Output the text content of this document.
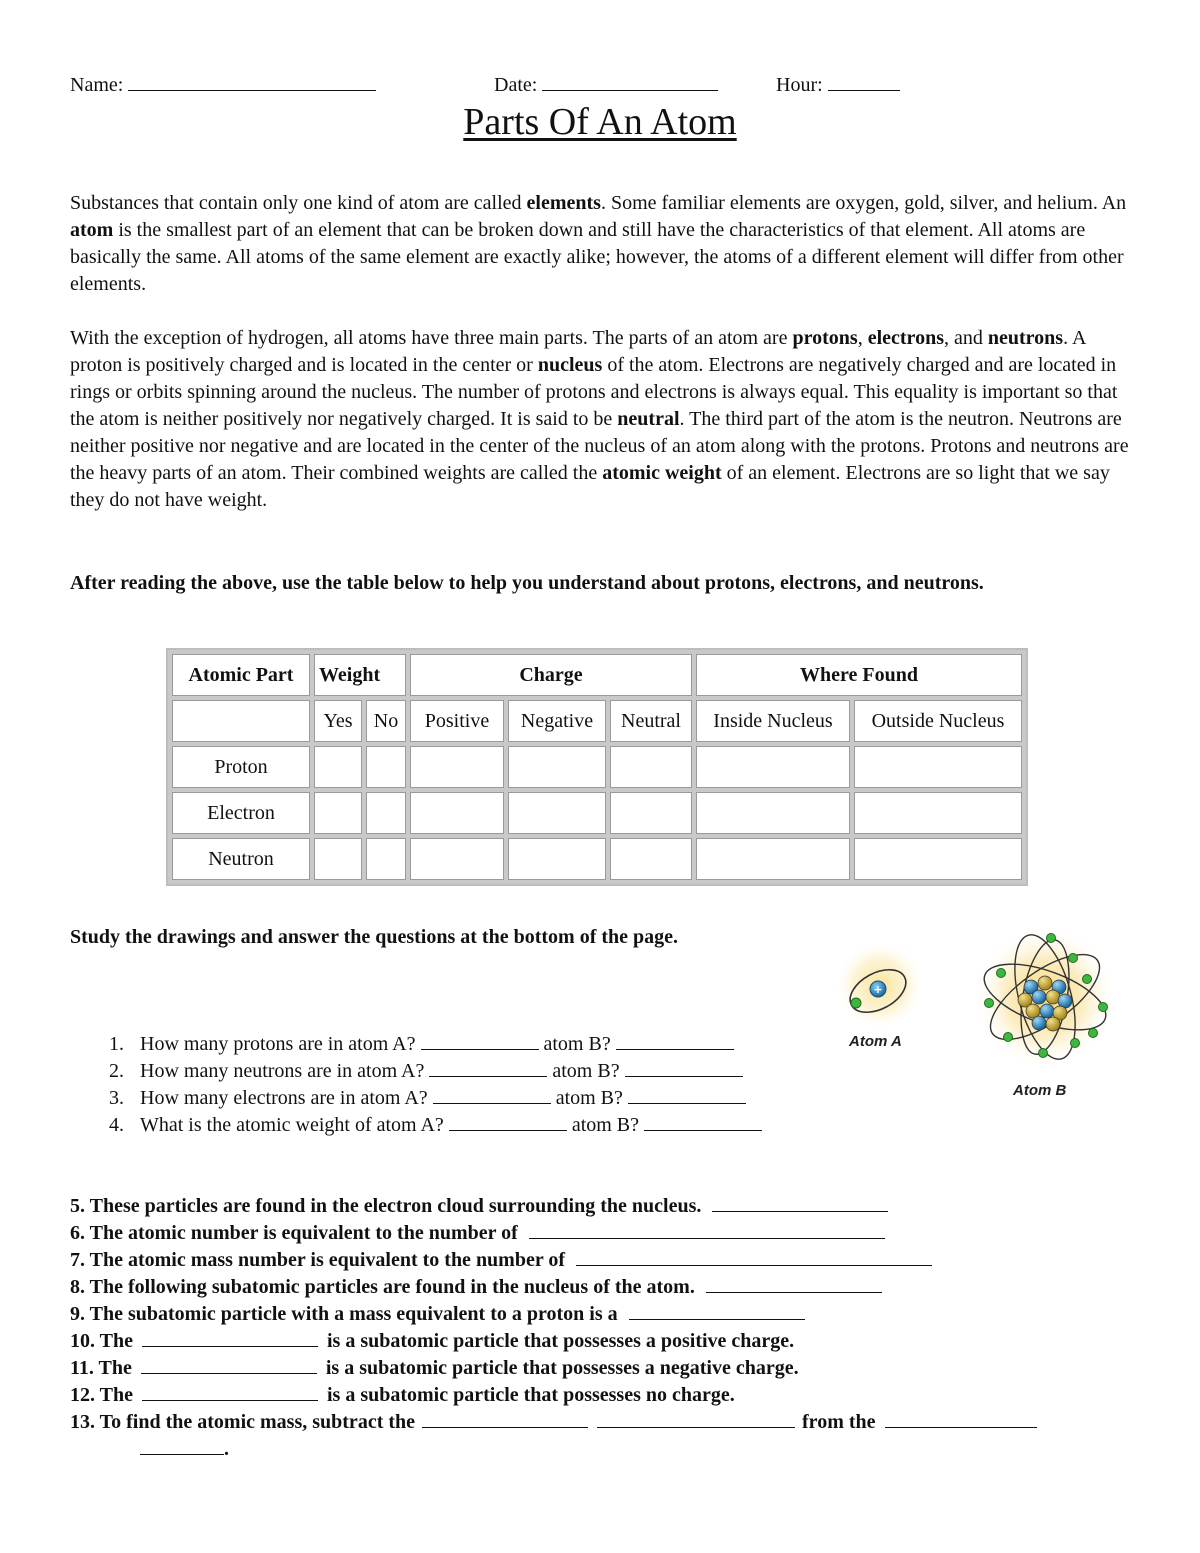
Name:	Date:	Hour:
Parts Of An Atom
Substances that contain only one kind of atom are called elements. Some familiar elements are oxygen, gold, silver, and helium. An atom is the smallest part of an element that can be broken down and still have the characteristics of that element. All atoms are basically the same. All atoms of the same element are exactly alike; however, the atoms of a different element will differ from other elements.
With the exception of hydrogen, all atoms have three main parts. The parts of an atom are protons, electrons, and neutrons. A proton is positively charged and is located in the center or nucleus of the atom. Electrons are negatively charged and are located in rings or orbits spinning around the nucleus. The number of protons and electrons is always equal. This equality is important so that the atom is neither positively nor negatively charged. It is said to be neutral. The third part of the atom is the neutron. Neutrons are neither positive nor negative and are located in the center of the nucleus of an atom along with the protons. Protons and neutrons are the heavy parts of an atom. Their combined weights are called the atomic weight of an element. Electrons are so light that we say they do not have weight.
After reading the above, use the table below to help you understand about protons, electrons, and neutrons.
Atomic Part	Weight		Charge			Where Found	
	Yes	No	Positive	Negative	Neutral	Inside Nucleus	Outside Nucleus
Proton							
Electron							
Neutron							
Study the drawings and answer the questions at the bottom of the page.
+
Atom A
Atom B
1. How many protons are in atom A?	atom B?
2. How many neutrons are in atom A?	atom B?
3. How many electrons are in atom A?	atom B?
4. What is the atomic weight of atom A?	atom B?
5. These particles are found in the electron cloud surrounding the nucleus.
6. The atomic number is equivalent to the number of
7. The atomic mass number is equivalent to the number of
8. The following subatomic particles are found in the nucleus of the atom.
9. The subatomic particle with a mass equivalent to a proton is a
10. The	is a subatomic particle that possesses a positive charge.
11. The	is a subatomic particle that possesses a negative charge.
12. The	is a subatomic particle that possesses no charge.
13. To find the atomic mass, subtract the	from the
.
